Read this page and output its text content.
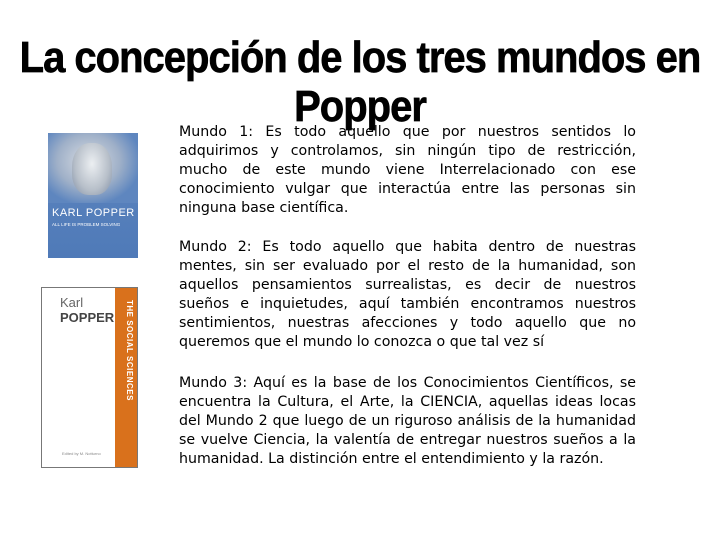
La concepción de los tres mundos en Popper
KARL POPPER
ALL LIFE IS PROBLEM SOLVING
Karl
POPPER
Edited by M. Notturno

Mundo 1: Es todo aquello que por nuestros sentidos lo adquirimos y controlamos, sin ningún tipo de restricción, mucho de este mundo viene Interrelacionado con ese conocimiento vulgar que interactúa entre las personas sin ninguna base científica.

Mundo 2: Es todo aquello que habita dentro de nuestras mentes, sin ser evaluado por el resto de la humanidad, son aquellos pensamientos surrealistas, es decir de nuestros sueños e inquietudes, aquí también encontramos nuestros sentimientos, nuestras afecciones y todo aquello que no queremos que el mundo lo conozca o que tal vez sí

Mundo 3: Aquí es la base de los Conocimientos Científicos, se encuentra la Cultura, el Arte, la CIENCIA, aquellas ideas locas del Mundo 2 que luego de un riguroso análisis de la humanidad se vuelve Ciencia, la valentía de entregar nuestros sueños a la humanidad. La distinción entre el entendimiento y la razón.
